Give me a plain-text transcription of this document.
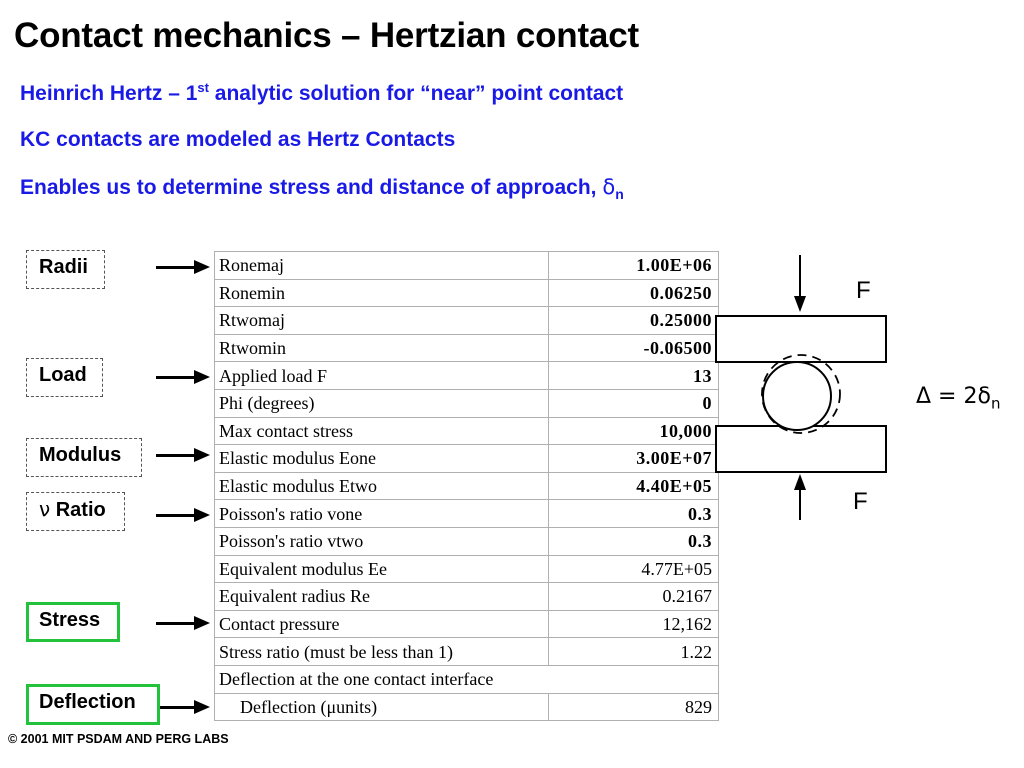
Contact mechanics – Hertzian contact
Heinrich Hertz – 1st analytic solution for “near” point contact
KC contacts are modeled as Hertz Contacts
Enables us to determine stress and distance of approach, $\delta_n$
Radii
Load
Modulus
ν Ratio
Stress
Deflection
Ronemaj	1.00E+06
Ronemin	0.06250
Rtwomaj	0.25000
Rtwomin	-0.06500
Applied load F	13
Phi (degrees)	0
Max contact stress	10,000
Elastic modulus Eone	3.00E+07
Elastic modulus Etwo	4.40E+05
Poisson's ratio vone	0.3
Poisson's ratio vtwo	0.3
Equivalent modulus Ee	4.77E+05
Equivalent radius Re	0.2167
Contact pressure	12,162
Stress ratio (must be less than 1)	1.22
Deflection at the one contact interface	
Deflection (μunits)	829
F
F
$\Delta = 2\delta_n$
© 2001 MIT PSDAM AND PERG LABS
